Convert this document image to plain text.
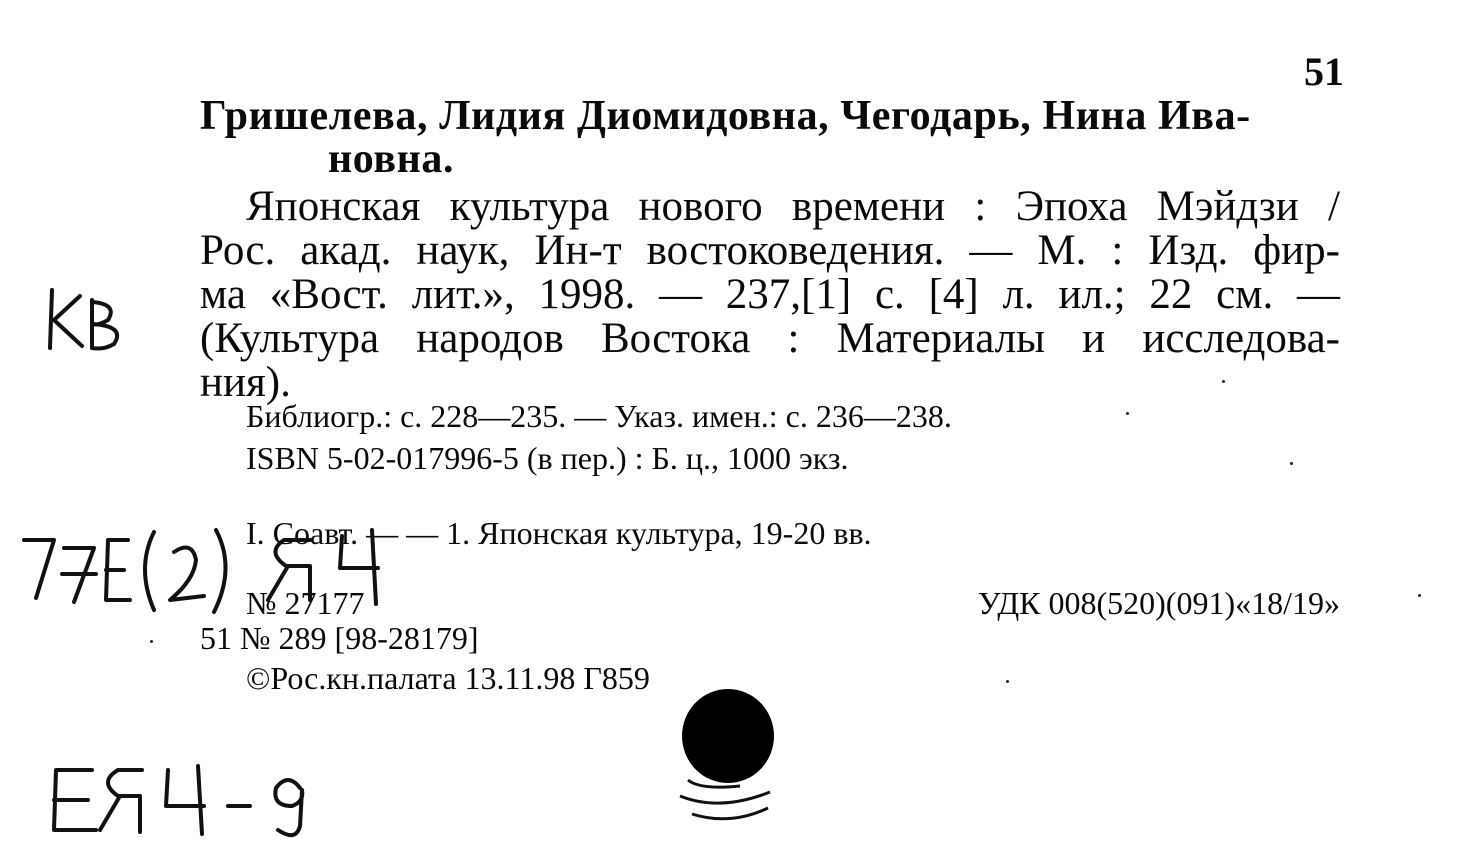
51
Гришелева, Лидия Диомидовна, Чегодарь, Нина Ива-
новна.
Японская культура нового времени : Эпоха Мэйдзи /
Рос. акад. наук, Ин-т востоковедения. — М. : Изд. фир-
ма «Вост. лит.», 1998. — 237,[1] с. [4] л. ил.; 22 см. —
(Культура народов Востока : Материалы и исследова-
ния).
Библиогр.: с. 228—235. — Указ. имен.: с. 236—238.
ISBN 5-02-017996-5 (в пер.) : Б. ц., 1000 экз.
I. Соавт. — — 1. Японская культура, 19-20 вв.
№ 27177	УДК 008(520)(091)«18/19»
51 № 289 [98-28179]
©Рос.кн.палата 13.11.98 Г859
